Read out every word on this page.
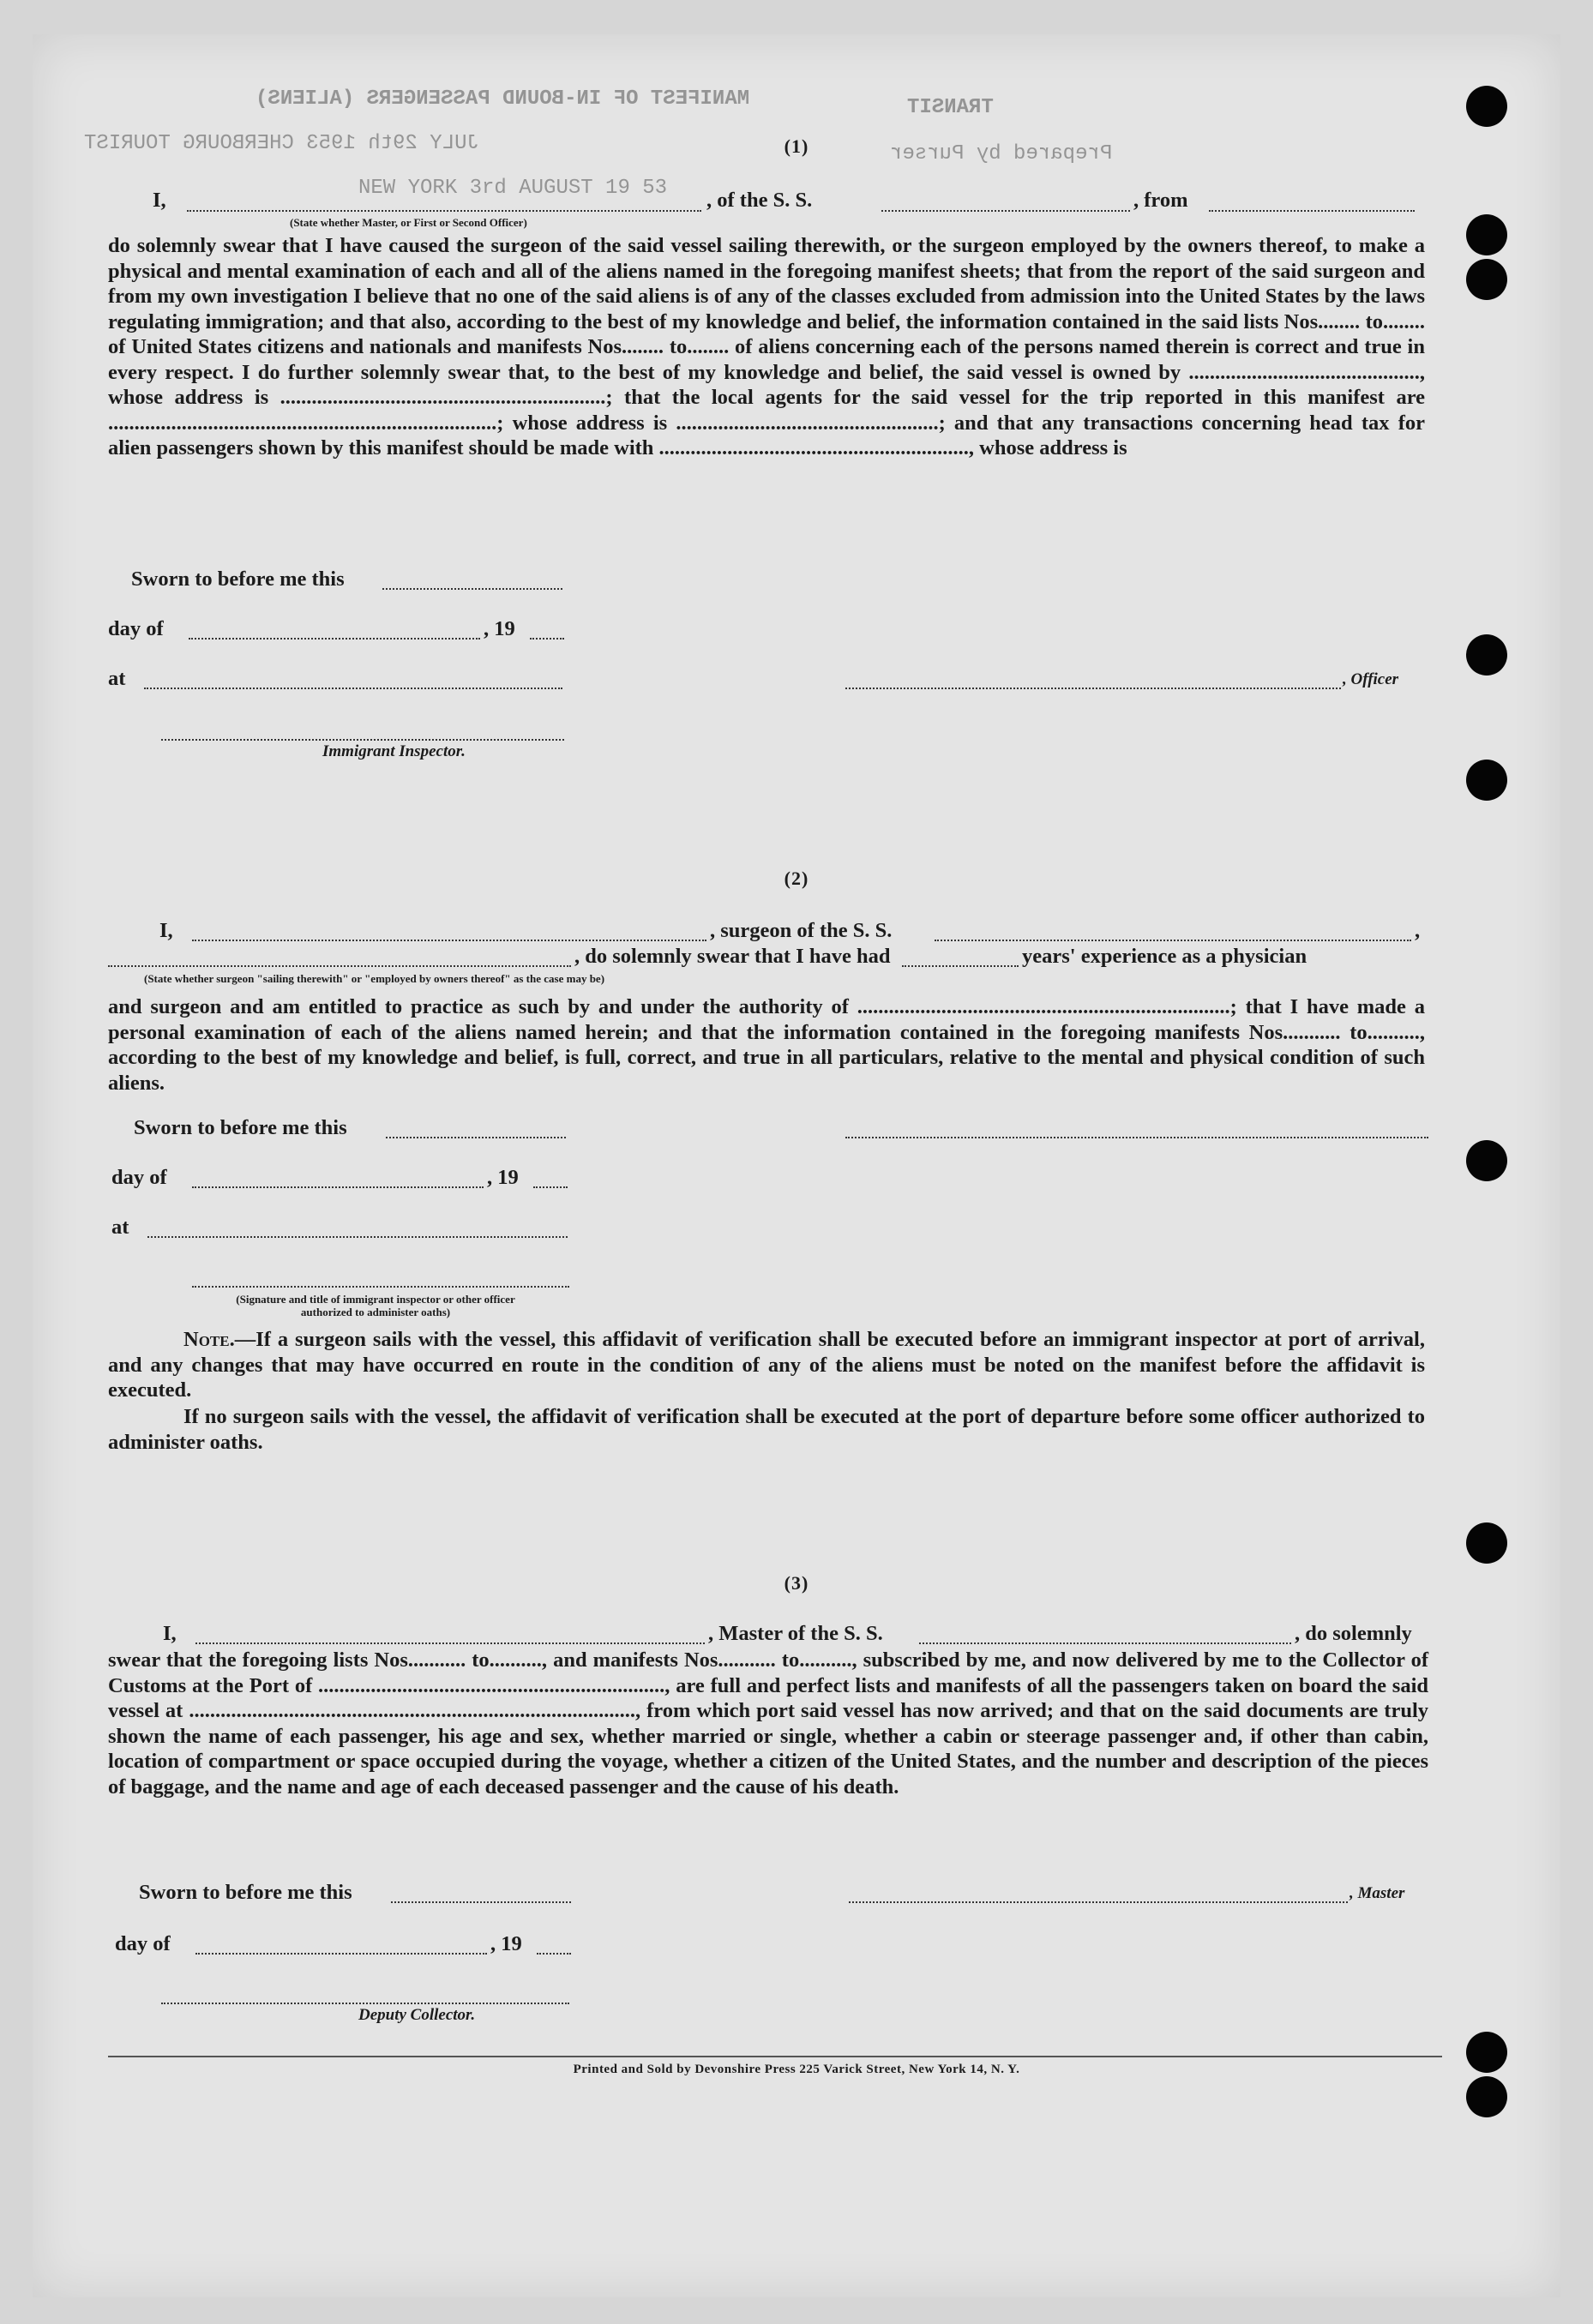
MANIFEST OF IN-BOUND PASSENGERS (ALIENS)	TRANSIT
Prepared by Purser
JULY 29th 1953 CHERBOURG TOURIST
NEW YORK 3rd AUGUST 19 53
(1)
I,	, of the S. S.	, from
(State whether Master, or First or Second Officer)

do solemnly swear that I have caused the surgeon of the said vessel sailing therewith, or the surgeon employed by the owners thereof, to make a physical and mental examination of each and all of the aliens named in the foregoing manifest sheets; that from the report of the said surgeon and from my own investigation I believe that no one of the said aliens is of any of the classes excluded from admission into the United States by the laws regulating immigration; and that also, according to the best of my knowledge and belief, the information contained in the said lists Nos........ to........ of United States citizens and nationals and manifests Nos........ to........ of aliens concerning each of the persons named therein is correct and true in every respect. I do further solemnly swear that, to the best of my knowledge and belief, the said vessel is owned by ............................................, whose address is ..............................................................; that the local agents for the said vessel for the trip reported in this manifest are ..........................................................................; whose address is ..................................................; and that any transactions concerning head tax for alien passengers shown by this manifest should be made with ..........................................................., whose address is

Sworn to before me this
day of	, 19
at	, Officer
Immigrant Inspector.
(2)
I,	, surgeon of the S. S.	,
, do solemnly swear that I have had	years' experience as a physician
(State whether surgeon "sailing therewith" or "employed by owners thereof" as the case may be)

and surgeon and am entitled to practice as such by and under the authority of .......................................................................; that I have made a personal examination of each of the aliens named herein; and that the information contained in the foregoing manifests Nos........... to.........., according to the best of my knowledge and belief, is full, correct, and true in all particulars, relative to the mental and physical condition of such aliens.

Sworn to before me this
day of	, 19
at
(Signature and title of immigrant inspector or other officer authorized to administer oaths)

Note.—If a surgeon sails with the vessel, this affidavit of verification shall be executed before an immigrant inspector at port of arrival, and any changes that may have occurred en route in the condition of any of the aliens must be noted on the manifest before the affidavit is executed.

If no surgeon sails with the vessel, the affidavit of verification shall be executed at the port of departure before some officer authorized to administer oaths.

(3)
I,	, Master of the S. S.	, do solemnly

swear that the foregoing lists Nos........... to.........., and manifests Nos........... to.........., subscribed by me, and now delivered by me to the Collector of Customs at the Port of .................................................................., are full and perfect lists and manifests of all the passengers taken on board the said vessel at ....................................................................................., from which port said vessel has now arrived; and that on the said documents are truly shown the name of each passenger, his age and sex, whether married or single, whether a cabin or steerage passenger and, if other than cabin, location of compartment or space occupied during the voyage, whether a citizen of the United States, and the number and description of the pieces of baggage, and the name and age of each deceased passenger and the cause of his death.

Sworn to before me this	, Master
day of	, 19
Deputy Collector.
Printed and Sold by Devonshire Press 225 Varick Street, New York 14, N. Y.
